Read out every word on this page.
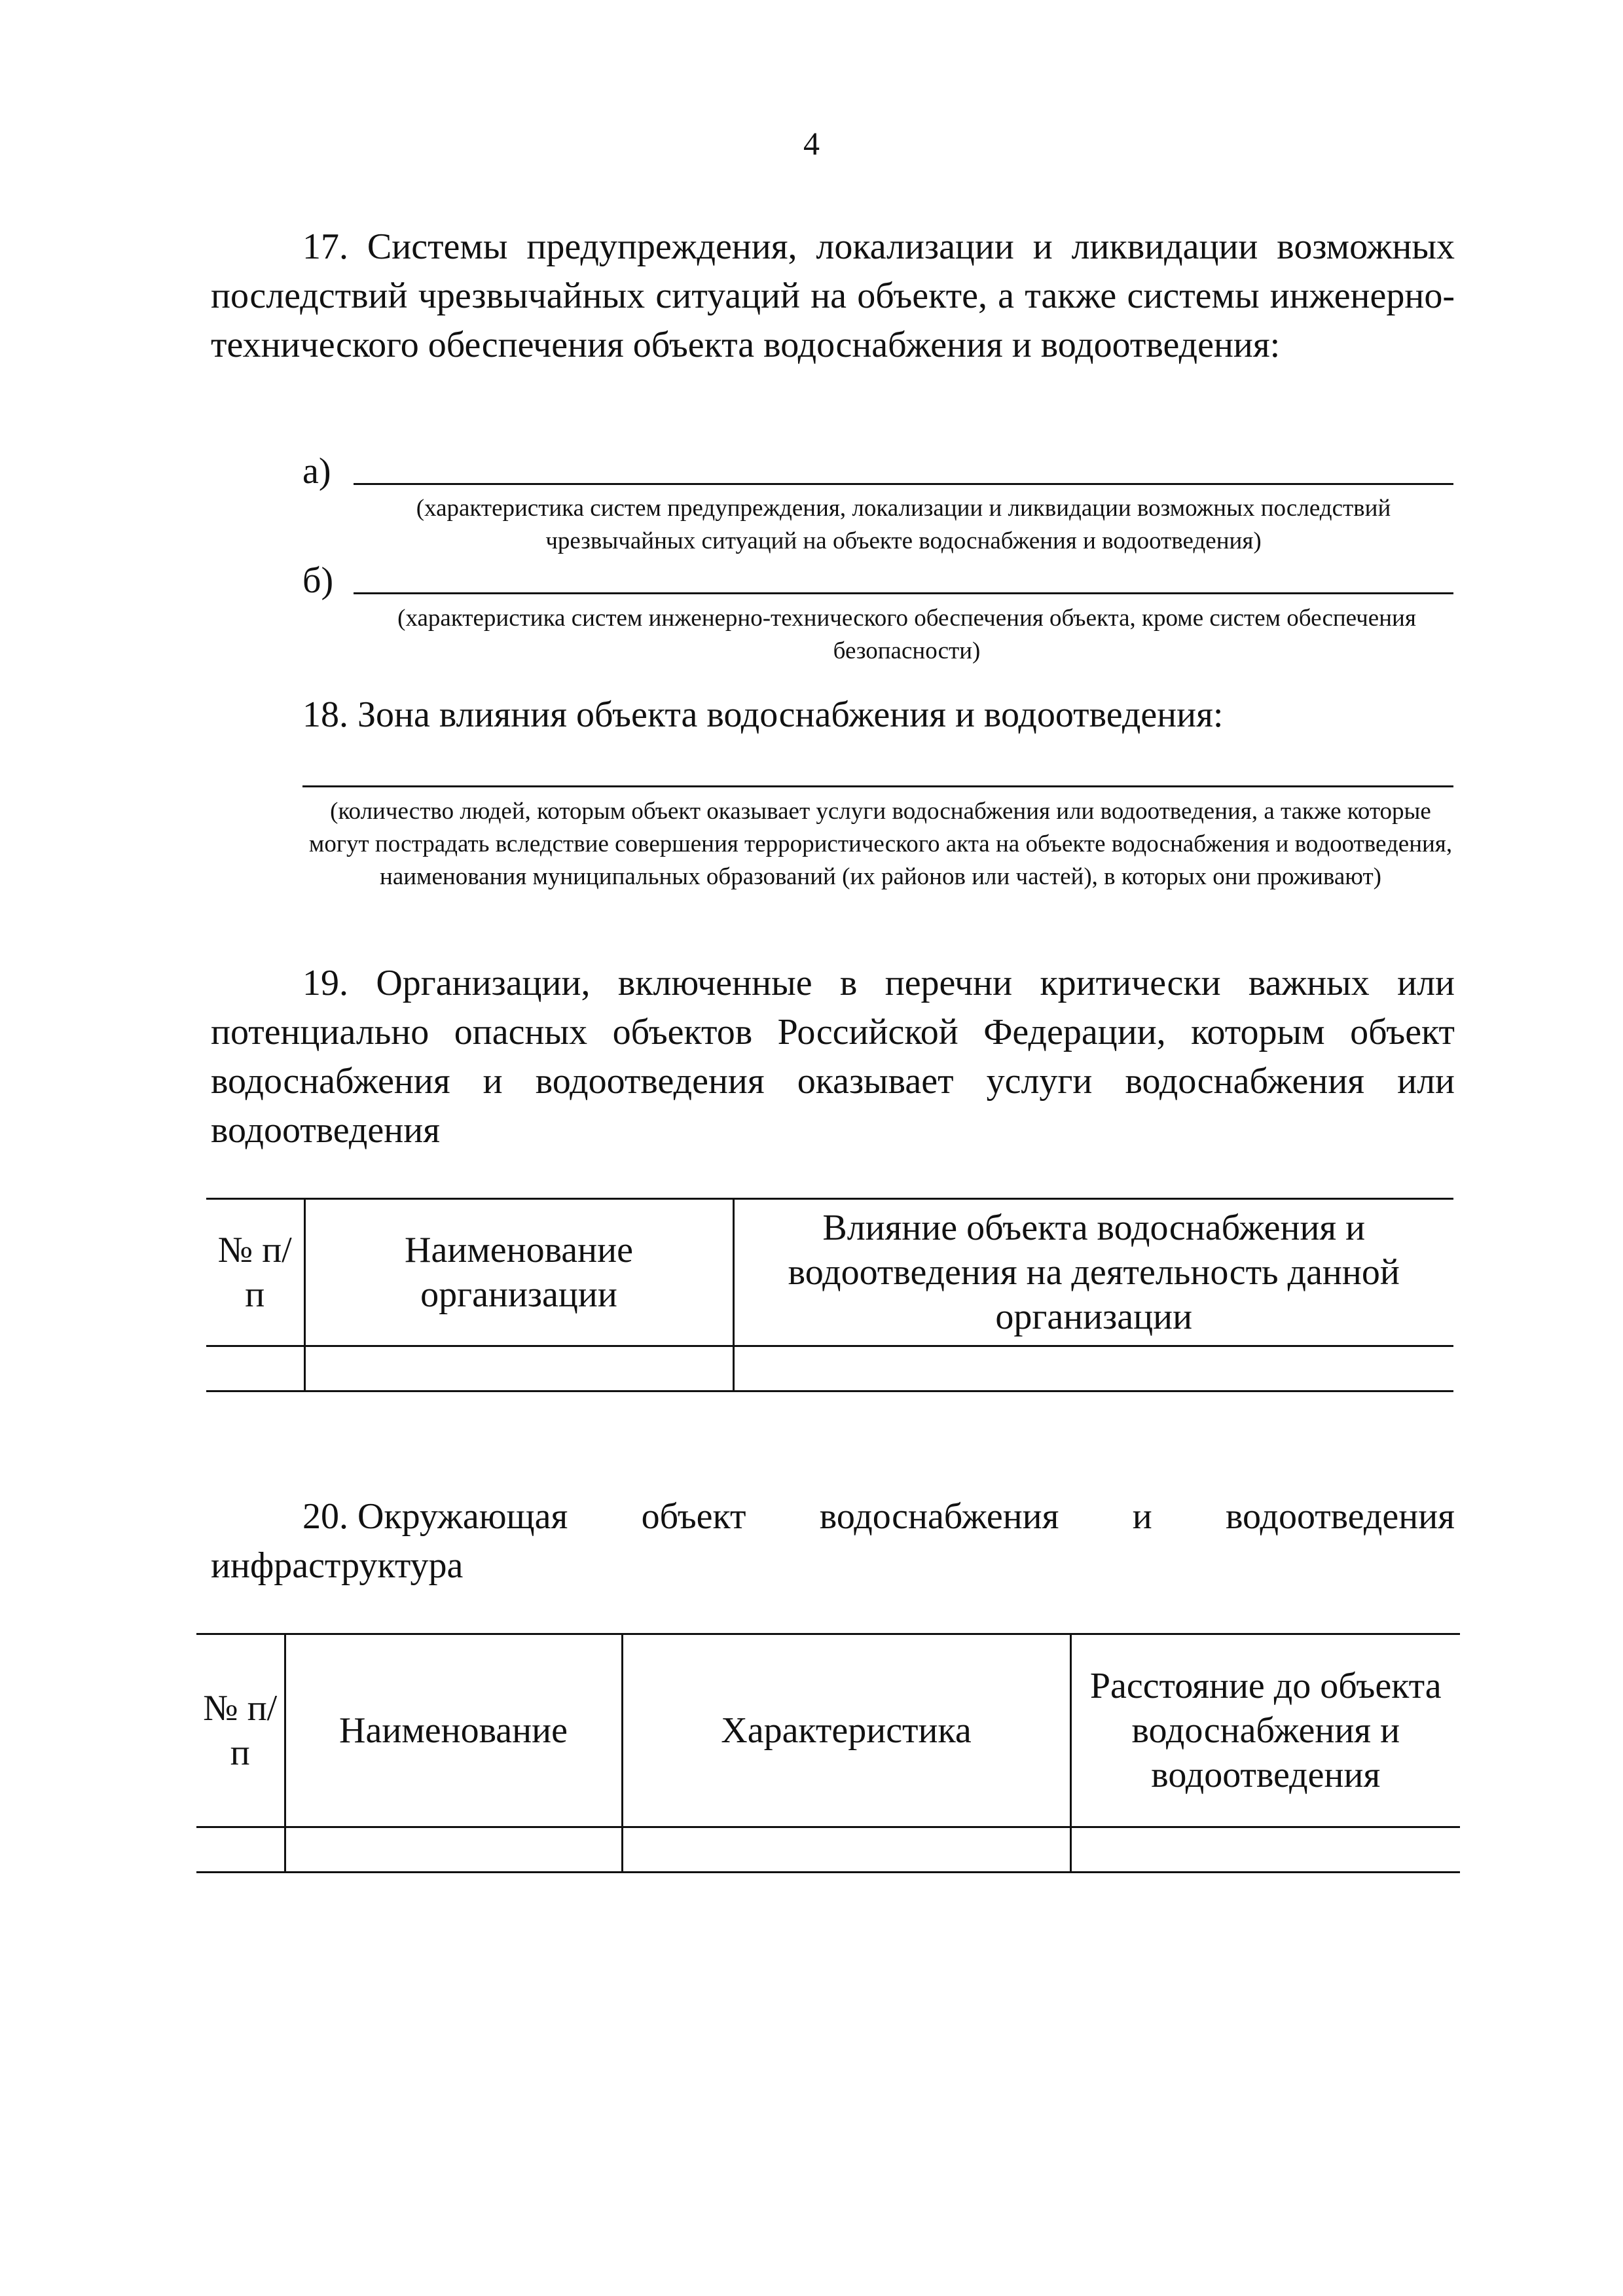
4
17. Системы предупреждения, локализации и ликвидации возможных последствий чрезвычайных ситуаций на объекте, а также системы инженерно-технического обеспечения объекта водоснабжения и водоотведения:
а)
(характеристика систем предупреждения, локализации и ликвидации возможных последствий чрезвычайных ситуаций на объекте водоснабжения и водоотведения)
б)
(характеристика систем инженерно-технического обеспечения объекта, кроме систем обеспечения безопасности)
18. Зона влияния объекта водоснабжения и водоотведения:
(количество людей, которым объект оказывает услуги водоснабжения или водоотведения, а также которые могут пострадать вследствие совершения террористического акта на объекте водоснабжения и водоотведения, наименования муниципальных образований (их районов или частей), в которых они проживают)
19. Организации, включенные в перечни критически важных или потенциально опасных объектов Российской Федерации, которым объект водоснабжения и водоотведения оказывает услуги водоснабжения или водоотведения
№ п/п	Наименование организации	Влияние объекта водоснабжения и водоотведения на деятельность данной организации

20. Окружающая объект водоснабжения и водоотведения
инфраструктура
№ п/п	Наименование	Характеристика	Расстояние до объекта водоснабжения и водоотведения
